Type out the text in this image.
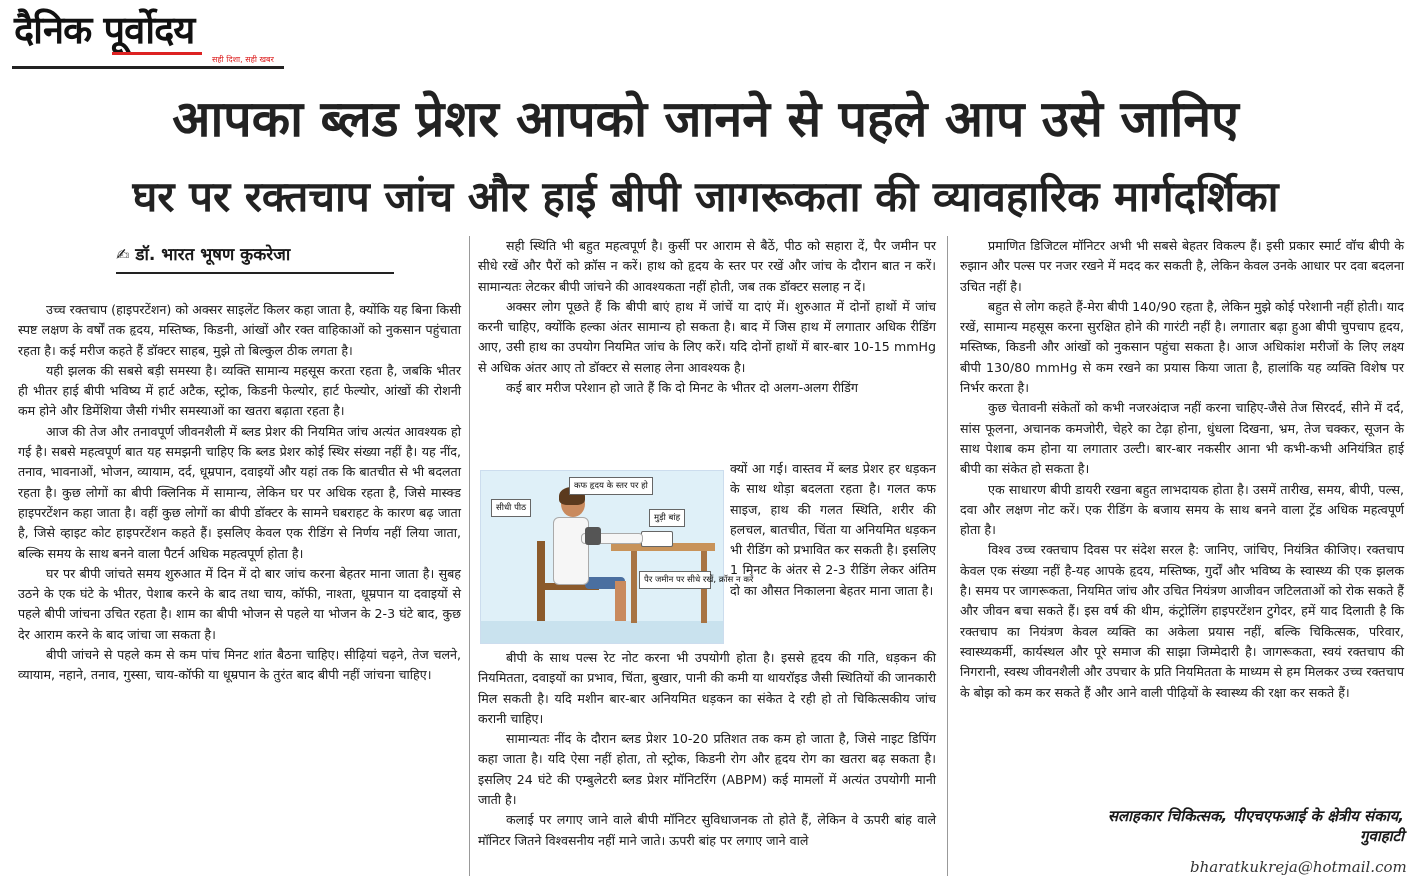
दैनिक पूर्वोदय
सही दिशा, सही खबर
आपका ब्लड प्रेशर आपको जानने से पहले आप उसे जानिए
घर पर रक्तचाप जांच और हाई बीपी जागरूकता की व्यावहारिक मार्गदर्शिका
✍ डॉ. भारत भूषण कुकरेजा

उच्च रक्तचाप (हाइपरटेंशन) को अक्सर साइलेंट किलर कहा जाता है, क्योंकि यह बिना किसी स्पष्ट लक्षण के वर्षों तक हृदय, मस्तिष्क, किडनी, आंखों और रक्त वाहिकाओं को नुकसान पहुंचाता रहता है। कई मरीज कहते हैं डॉक्टर साहब, मुझे तो बिल्कुल ठीक लगता है।

यही झलक की सबसे बड़ी समस्या है। व्यक्ति सामान्य महसूस करता रहता है, जबकि भीतर ही भीतर हाई बीपी भविष्य में हार्ट अटैक, स्ट्रोक, किडनी फेल्योर, हार्ट फेल्योर, आंखों की रोशनी कम होने और डिमेंशिया जैसी गंभीर समस्याओं का खतरा बढ़ाता रहता है।

आज की तेज और तनावपूर्ण जीवनशैली में ब्लड प्रेशर की नियमित जांच अत्यंत आवश्यक हो गई है। सबसे महत्वपूर्ण बात यह समझनी चाहिए कि ब्लड प्रेशर कोई स्थिर संख्या नहीं है। यह नींद, तनाव, भावनाओं, भोजन, व्यायाम, दर्द, धूम्रपान, दवाइयों और यहां तक कि बातचीत से भी बदलता रहता है। कुछ लोगों का बीपी क्लिनिक में सामान्य, लेकिन घर पर अधिक रहता है, जिसे मास्क्ड हाइपरटेंशन कहा जाता है। वहीं कुछ लोगों का बीपी डॉक्टर के सामने घबराहट के कारण बढ़ जाता है, जिसे व्हाइट कोट हाइपरटेंशन कहते हैं। इसलिए केवल एक रीडिंग से निर्णय नहीं लिया जाता, बल्कि समय के साथ बनने वाला पैटर्न अधिक महत्वपूर्ण होता है।

घर पर बीपी जांचते समय शुरुआत में दिन में दो बार जांच करना बेहतर माना जाता है। सुबह उठने के एक घंटे के भीतर, पेशाब करने के बाद तथा चाय, कॉफी, नाश्ता, धूम्रपान या दवाइयों से पहले बीपी जांचना उचित रहता है। शाम का बीपी भोजन से पहले या भोजन के 2-3 घंटे बाद, कुछ देर आराम करने के बाद जांचा जा सकता है।

बीपी जांचने से पहले कम से कम पांच मिनट शांत बैठना चाहिए। सीढ़ियां चढ़ने, तेज चलने, व्यायाम, नहाने, तनाव, गुस्सा, चाय-कॉफी या धूम्रपान के तुरंत बाद बीपी नहीं जांचना चाहिए।

सही स्थिति भी बहुत महत्वपूर्ण है। कुर्सी पर आराम से बैठें, पीठ को सहारा दें, पैर जमीन पर सीधे रखें और पैरों को क्रॉस न करें। हाथ को हृदय के स्तर पर रखें और जांच के दौरान बात न करें। सामान्यतः लेटकर बीपी जांचने की आवश्यकता नहीं होती, जब तक डॉक्टर सलाह न दें।

अक्सर लोग पूछते हैं कि बीपी बाएं हाथ में जांचें या दाएं में। शुरुआत में दोनों हाथों में जांच करनी चाहिए, क्योंकि हल्का अंतर सामान्य हो सकता है। बाद में जिस हाथ में लगातार अधिक रीडिंग आए, उसी हाथ का उपयोग नियमित जांच के लिए करें। यदि दोनों हाथों में बार-बार 10-15 mmHg से अधिक अंतर आए तो डॉक्टर से सलाह लेना आवश्यक है।

कई बार मरीज परेशान हो जाते हैं कि दो मिनट के भीतर दो अलग-अलग रीडिंग

कफ हृदय के स्तर पर हो
सीधी पीठ
मुड़ी बांह
पैर जमीन पर सीधे रखें, क्रॉस न करें

क्यों आ गई। वास्तव में ब्लड प्रेशर हर धड़कन के साथ थोड़ा बदलता रहता है। गलत कफ साइज, हाथ की गलत स्थिति, शरीर की हलचल, बातचीत, चिंता या अनियमित धड़कन भी रीडिंग को प्रभावित कर सकती है। इसलिए 1 मिनट के अंतर से 2-3 रीडिंग लेकर अंतिम दो का औसत निकालना बेहतर माना जाता है।

बीपी के साथ पल्स रेट नोट करना भी उपयोगी होता है। इससे हृदय की गति, धड़कन की नियमितता, दवाइयों का प्रभाव, चिंता, बुखार, पानी की कमी या थायरॉइड जैसी स्थितियों की जानकारी मिल सकती है। यदि मशीन बार-बार अनियमित धड़कन का संकेत दे रही हो तो चिकित्सकीय जांच करानी चाहिए।

सामान्यतः नींद के दौरान ब्लड प्रेशर 10-20 प्रतिशत तक कम हो जाता है, जिसे नाइट डिपिंग कहा जाता है। यदि ऐसा नहीं होता, तो स्ट्रोक, किडनी रोग और हृदय रोग का खतरा बढ़ सकता है। इसलिए 24 घंटे की एम्बुलेटरी ब्लड प्रेशर मॉनिटरिंग (ABPM) कई मामलों में अत्यंत उपयोगी मानी जाती है।

कलाई पर लगाए जाने वाले बीपी मॉनिटर सुविधाजनक तो होते हैं, लेकिन वे ऊपरी बांह वाले मॉनिटर जितने विश्वसनीय नहीं माने जाते। ऊपरी बांह पर लगाए जाने वाले

प्रमाणित डिजिटल मॉनिटर अभी भी सबसे बेहतर विकल्प हैं। इसी प्रकार स्मार्ट वॉच बीपी के रुझान और पल्स पर नजर रखने में मदद कर सकती है, लेकिन केवल उनके आधार पर दवा बदलना उचित नहीं है।

बहुत से लोग कहते हैं-मेरा बीपी 140/90 रहता है, लेकिन मुझे कोई परेशानी नहीं होती। याद रखें, सामान्य महसूस करना सुरक्षित होने की गारंटी नहीं है। लगातार बढ़ा हुआ बीपी चुपचाप हृदय, मस्तिष्क, किडनी और आंखों को नुकसान पहुंचा सकता है। आज अधिकांश मरीजों के लिए लक्ष्य बीपी 130/80 mmHg से कम रखने का प्रयास किया जाता है, हालांकि यह व्यक्ति विशेष पर निर्भर करता है।

कुछ चेतावनी संकेतों को कभी नजरअंदाज नहीं करना चाहिए-जैसे तेज सिरदर्द, सीने में दर्द, सांस फूलना, अचानक कमजोरी, चेहरे का टेढ़ा होना, धुंधला दिखना, भ्रम, तेज चक्कर, सूजन के साथ पेशाब कम होना या लगातार उल्टी। बार-बार नकसीर आना भी कभी-कभी अनियंत्रित हाई बीपी का संकेत हो सकता है।

एक साधारण बीपी डायरी रखना बहुत लाभदायक होता है। उसमें तारीख, समय, बीपी, पल्स, दवा और लक्षण नोट करें। एक रीडिंग के बजाय समय के साथ बनने वाला ट्रेंड अधिक महत्वपूर्ण होता है।

विश्व उच्च रक्तचाप दिवस पर संदेश सरल है: जानिए, जांचिए, नियंत्रित कीजिए। रक्तचाप केवल एक संख्या नहीं है-यह आपके हृदय, मस्तिष्क, गुर्दों और भविष्य के स्वास्थ्य की एक झलक है। समय पर जागरूकता, नियमित जांच और उचित नियंत्रण आजीवन जटिलताओं को रोक सकते हैं और जीवन बचा सकते हैं। इस वर्ष की थीम, कंट्रोलिंग हाइपरटेंशन टुगेदर, हमें याद दिलाती है कि रक्तचाप का नियंत्रण केवल व्यक्ति का अकेला प्रयास नहीं, बल्कि चिकित्सक, परिवार, स्वास्थ्यकर्मी, कार्यस्थल और पूरे समाज की साझा जिम्मेदारी है। जागरूकता, स्वयं रक्तचाप की निगरानी, स्वस्थ जीवनशैली और उपचार के प्रति नियमितता के माध्यम से हम मिलकर उच्च रक्तचाप के बोझ को कम कर सकते हैं और आने वाली पीढ़ियों के स्वास्थ्य की रक्षा कर सकते हैं।

सलाहकार चिकित्सक, पीएचएफआई के क्षेत्रीय संकाय,
गुवाहाटी
bharatkukreja@hotmail.com
